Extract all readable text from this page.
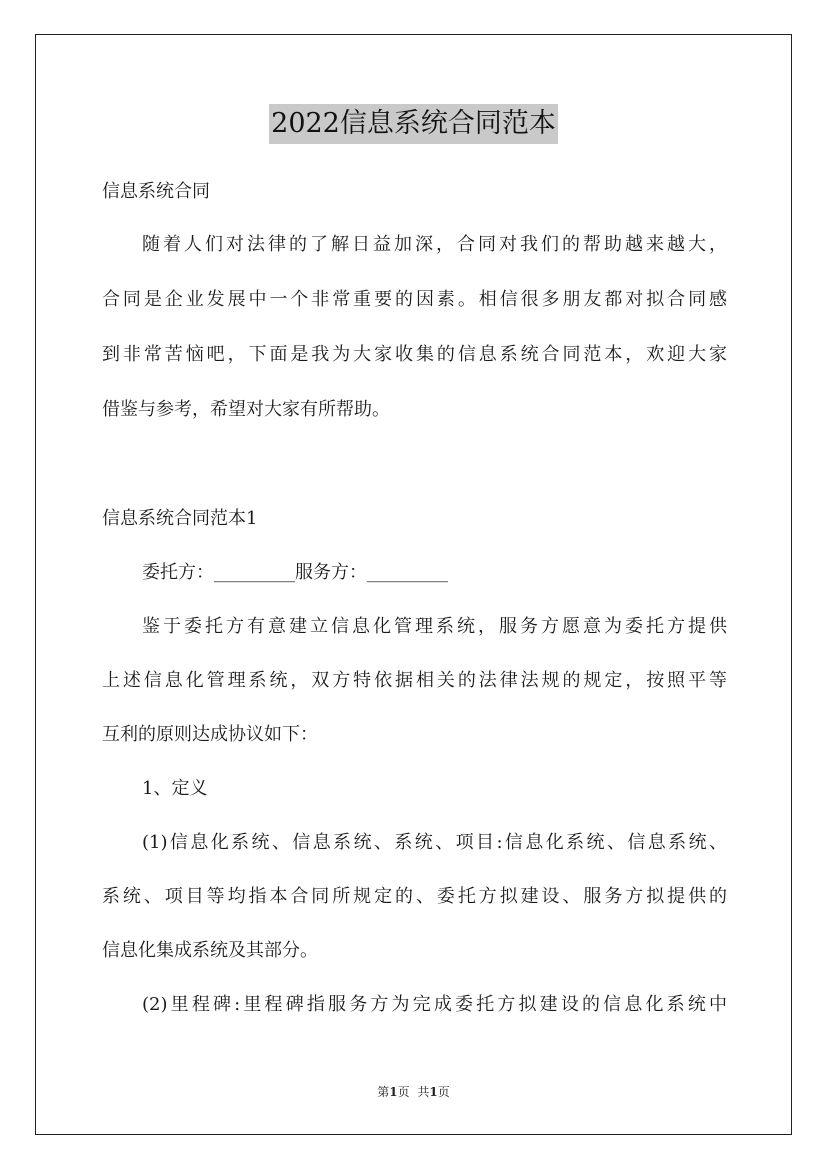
2022信息系统合同范本
信息系统合同
随着人们对法律的了解日益加深，合同对我们的帮助越来越大，
合同是企业发展中一个非常重要的因素。相信很多朋友都对拟合同感
到非常苦恼吧，下面是我为大家收集的信息系统合同范本，欢迎大家
借鉴与参考，希望对大家有所帮助。
信息系统合同范本1
委托方：_________服务方：_________
鉴于委托方有意建立信息化管理系统，服务方愿意为委托方提供
上述信息化管理系统，双方特依据相关的法律法规的规定，按照平等
互利的原则达成协议如下：
1、定义
(1)信息化系统、信息系统、系统、项目:信息化系统、信息系统、
系统、项目等均指本合同所规定的、委托方拟建设、服务方拟提供的
信息化集成系统及其部分。
(2)里程碑:里程碑指服务方为完成委托方拟建设的信息化系统中
第1页 共1页
